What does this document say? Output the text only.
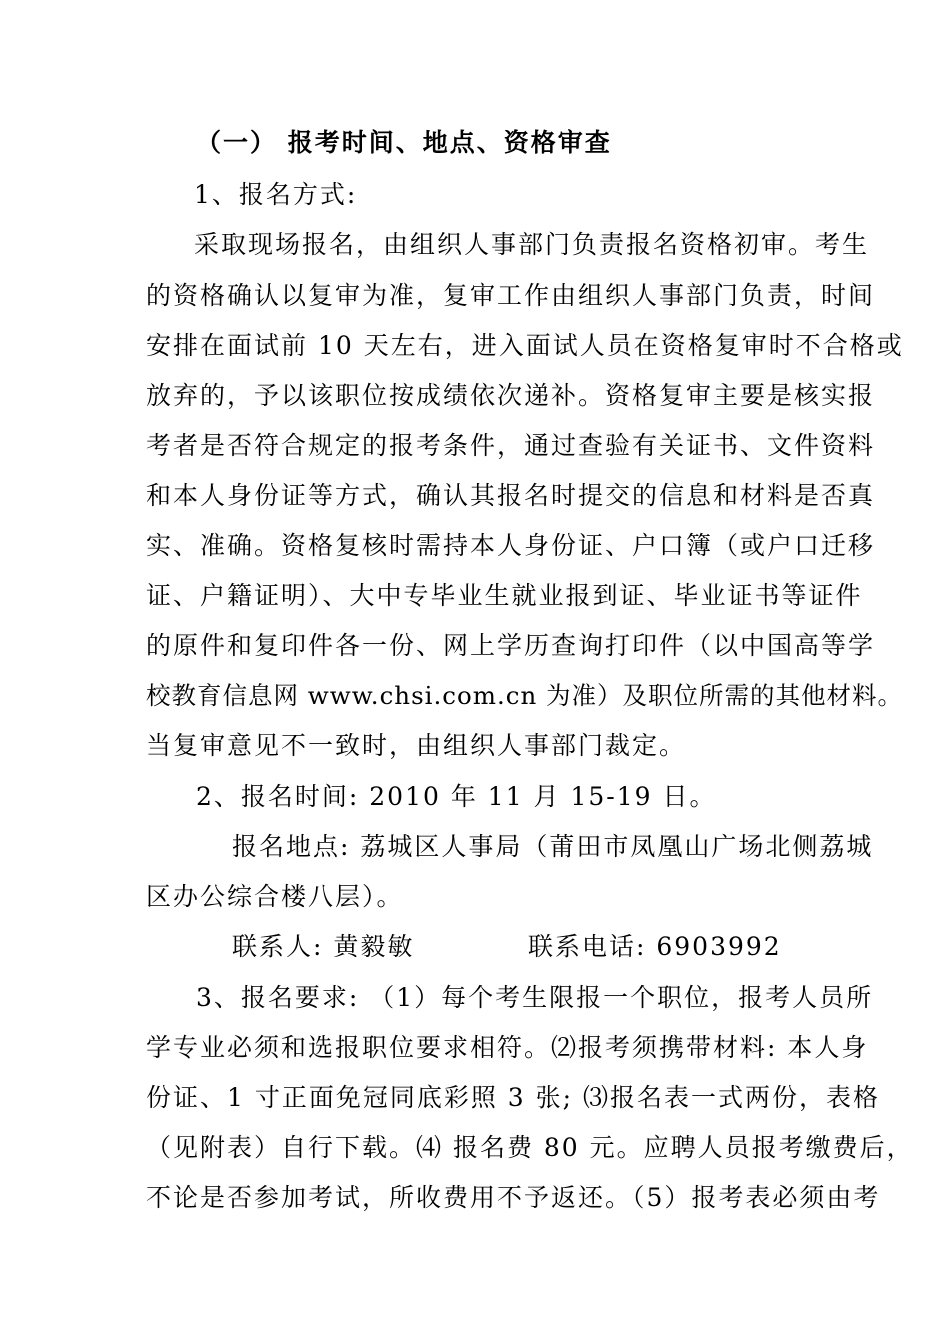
（一） 报考时间、地点、资格审查
1、报名方式:
采取现场报名，由组织人事部门负责报名资格初审。考生
的资格确认以复审为准，复审工作由组织人事部门负责，时间
安排在面试前 10 天左右，进入面试人员在资格复审时不合格或
放弃的，予以该职位按成绩依次递补。资格复审主要是核实报
考者是否符合规定的报考条件，通过查验有关证书、文件资料
和本人身份证等方式，确认其报名时提交的信息和材料是否真
实、准确。资格复核时需持本人身份证、户口簿（或户口迁移
证、户籍证明）、大中专毕业生就业报到证、毕业证书等证件
的原件和复印件各一份、网上学历查询打印件（以中国高等学
校教育信息网 www.chsi.com.cn 为准）及职位所需的其他材料。
当复审意见不一致时，由组织人事部门裁定。
2、报名时间: 2010 年 11 月 15-19 日。
报名地点: 荔城区人事局（莆田市凤凰山广场北侧荔城
区办公综合楼八层）。
联系人: 黄毅敏	联系电话: 6903992
3、报名要求: （1）每个考生限报一个职位，报考人员所
学专业必须和选报职位要求相符。⑵报考须携带材料: 本人身
份证、1 寸正面免冠同底彩照 3 张; ⑶报名表一式两份，表格
（见附表）自行下载。⑷ 报名费 80 元。应聘人员报考缴费后，
不论是否参加考试，所收费用不予返还。（5）报考表必须由考
